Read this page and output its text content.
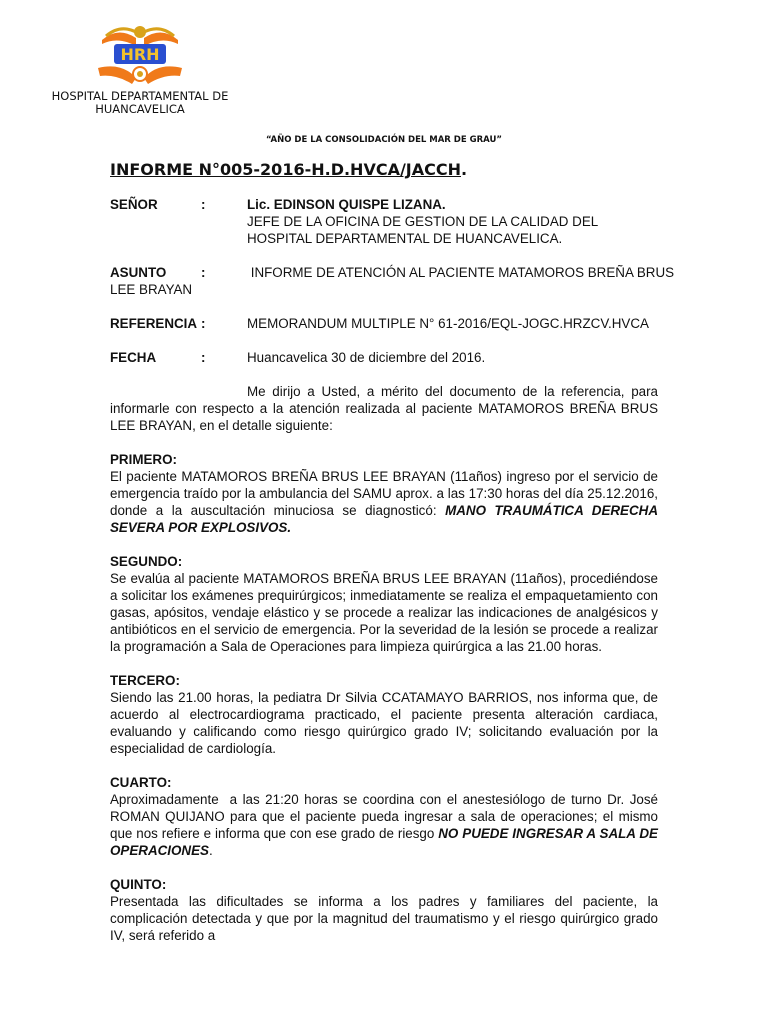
HRH
HOSPITAL DEPARTAMENTAL DE
HUANCAVELICA
“AÑO DE LA CONSOLIDACIÓN DEL MAR DE GRAU”
INFORME N°005-2016-H.D.HVCA/JACCH.
SEÑOR	:	Lic. EDINSON QUISPE LIZANA.
JEFE DE LA OFICINA DE GESTION DE LA CALIDAD DEL HOSPITAL DEPARTAMENTAL DE HUANCAVELICA.
ASUNTO	:	INFORME DE ATENCIÓN AL PACIENTE MATAMOROS BREÑA BRUS
LEE BRAYAN
REFERENCIA :	MEMORANDUM MULTIPLE N° 61-2016/EQL-JOGC.HRZCV.HVCA
FECHA	:	Huancavelica 30 de diciembre del 2016.
Me dirijo a Usted, a mérito del documento de la referencia, para informarle con respecto a la atención realizada al paciente MATAMOROS BREÑA BRUS LEE BRAYAN, en el detalle siguiente:
PRIMERO:
El paciente MATAMOROS BREÑA BRUS LEE BRAYAN (11años) ingreso por el servicio de emergencia traído por la ambulancia del SAMU aprox. a las 17:30 horas del día 25.12.2016, donde a la auscultación minuciosa se diagnosticó: MANO TRAUMÁTICA DERECHA SEVERA POR EXPLOSIVOS.
SEGUNDO:
Se evalúa al paciente MATAMOROS BREÑA BRUS LEE BRAYAN (11años), procediéndose a solicitar los exámenes prequirúrgicos; inmediatamente se realiza el empaquetamiento con gasas, apósitos, vendaje elástico y se procede a realizar las indicaciones de analgésicos y antibióticos en el servicio de emergencia. Por la severidad de la lesión se procede a realizar la programación a Sala de Operaciones para limpieza quirúrgica a las 21.00 horas.
TERCERO:
Siendo las 21.00 horas, la pediatra Dr Silvia CCATAMAYO BARRIOS, nos informa que, de acuerdo al electrocardiograma practicado, el paciente presenta alteración cardiaca, evaluando y calificando como riesgo quirúrgico grado IV; solicitando evaluación por la especialidad de cardiología.
CUARTO:
Aproximadamente  a las 21:20 horas se coordina con el anestesiólogo de turno Dr. José ROMAN QUIJANO para que el paciente pueda ingresar a sala de operaciones; el mismo que nos refiere e informa que con ese grado de riesgo NO PUEDE INGRESAR A SALA DE OPERACIONES.
QUINTO:
Presentada las dificultades se informa a los padres y familiares del paciente, la complicación detectada y que por la magnitud del traumatismo y el riesgo quirúrgico grado IV, será referido a
